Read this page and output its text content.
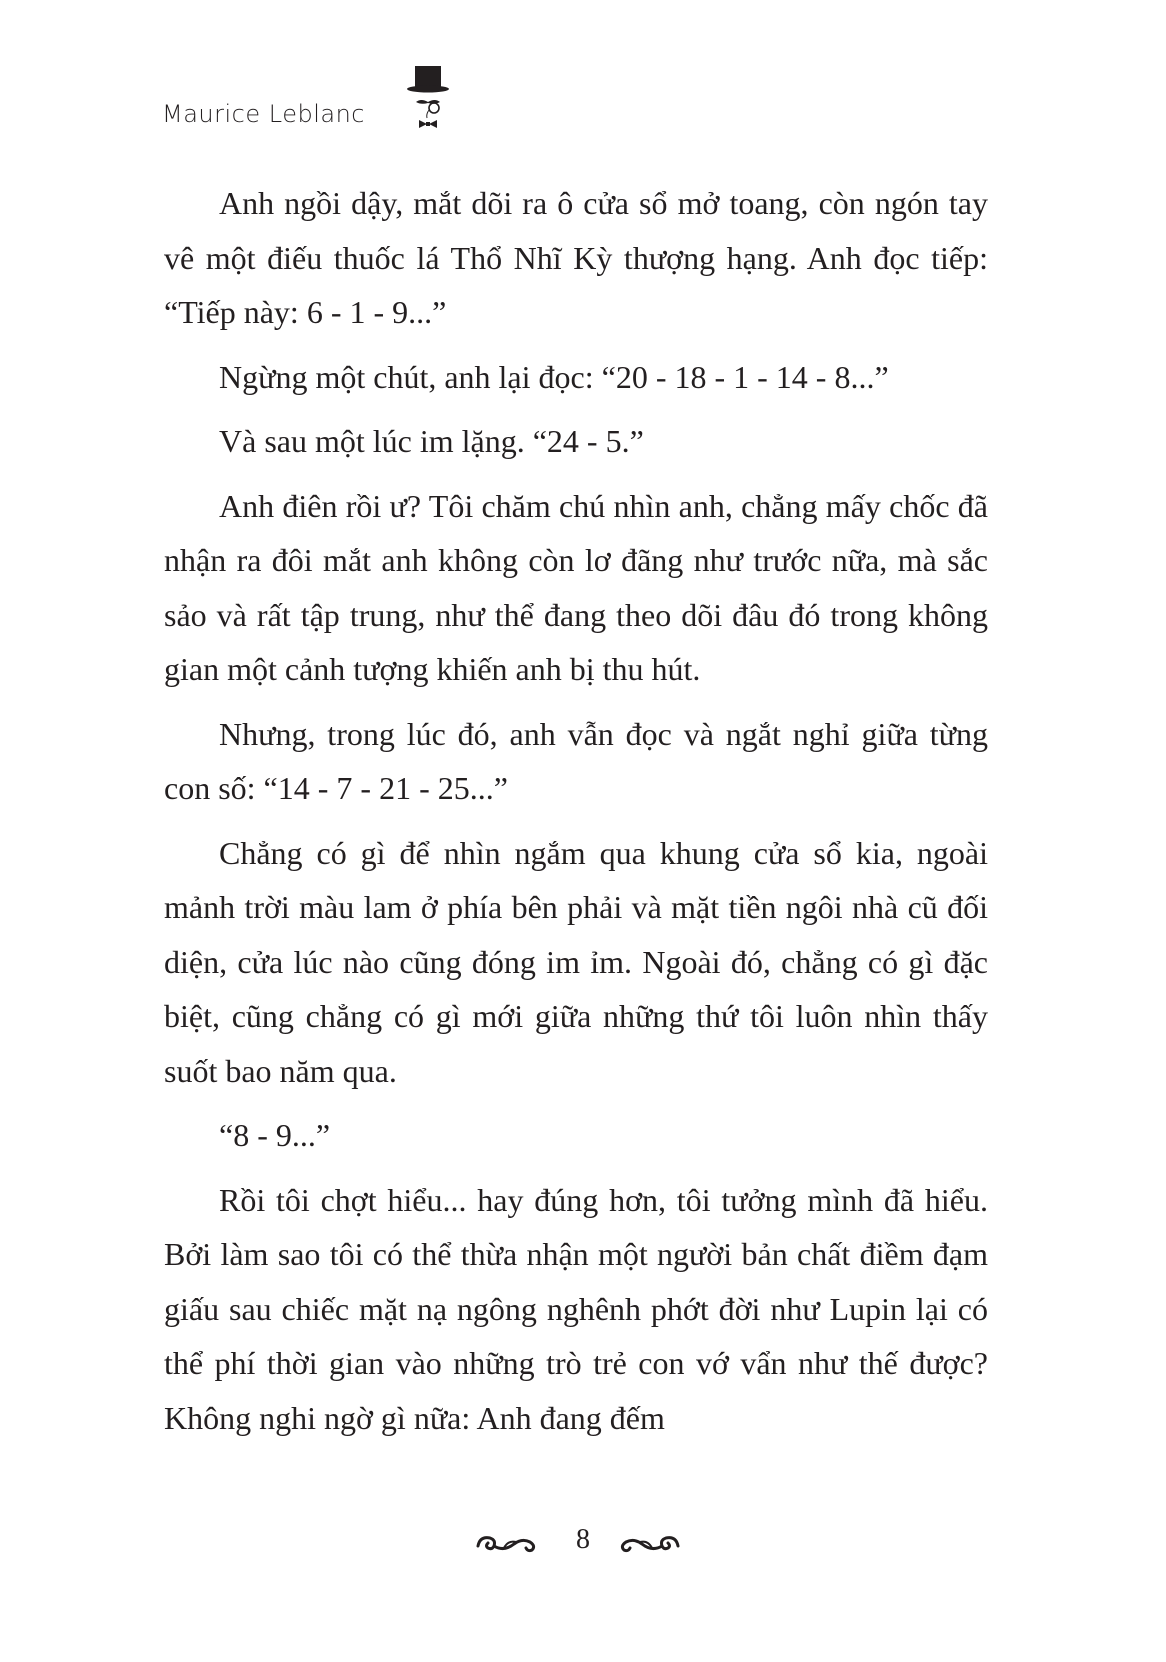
Maurice Leblanc

Anh ngồi dậy, mắt dõi ra ô cửa sổ mở toang, còn ngón tay vê một điếu thuốc lá Thổ Nhĩ Kỳ thượng hạng. Anh đọc tiếp: “Tiếp này: 6 - 1 - 9...”

Ngừng một chút, anh lại đọc: “20 - 18 - 1 - 14 - 8...”

Và sau một lúc im lặng. “24 - 5.”

Anh điên rồi ư? Tôi chăm chú nhìn anh, chẳng mấy chốc đã nhận ra đôi mắt anh không còn lơ đãng như trước nữa, mà sắc sảo và rất tập trung, như thể đang theo dõi đâu đó trong không gian một cảnh tượng khiến anh bị thu hút.

Nhưng, trong lúc đó, anh vẫn đọc và ngắt nghỉ giữa từng con số: “14 - 7 - 21 - 25...”

Chẳng có gì để nhìn ngắm qua khung cửa sổ kia, ngoài mảnh trời màu lam ở phía bên phải và mặt tiền ngôi nhà cũ đối diện, cửa lúc nào cũng đóng im ỉm. Ngoài đó, chẳng có gì đặc biệt, cũng chẳng có gì mới giữa những thứ tôi luôn nhìn thấy suốt bao năm qua.

“8 - 9...”

Rồi tôi chợt hiểu... hay đúng hơn, tôi tưởng mình đã hiểu. Bởi làm sao tôi có thể thừa nhận một người bản chất điềm đạm giấu sau chiếc mặt nạ ngông nghênh phớt đời như Lupin lại có thể phí thời gian vào những trò trẻ con vớ vẩn như thế được? Không nghi ngờ gì nữa: Anh đang đếm

8
